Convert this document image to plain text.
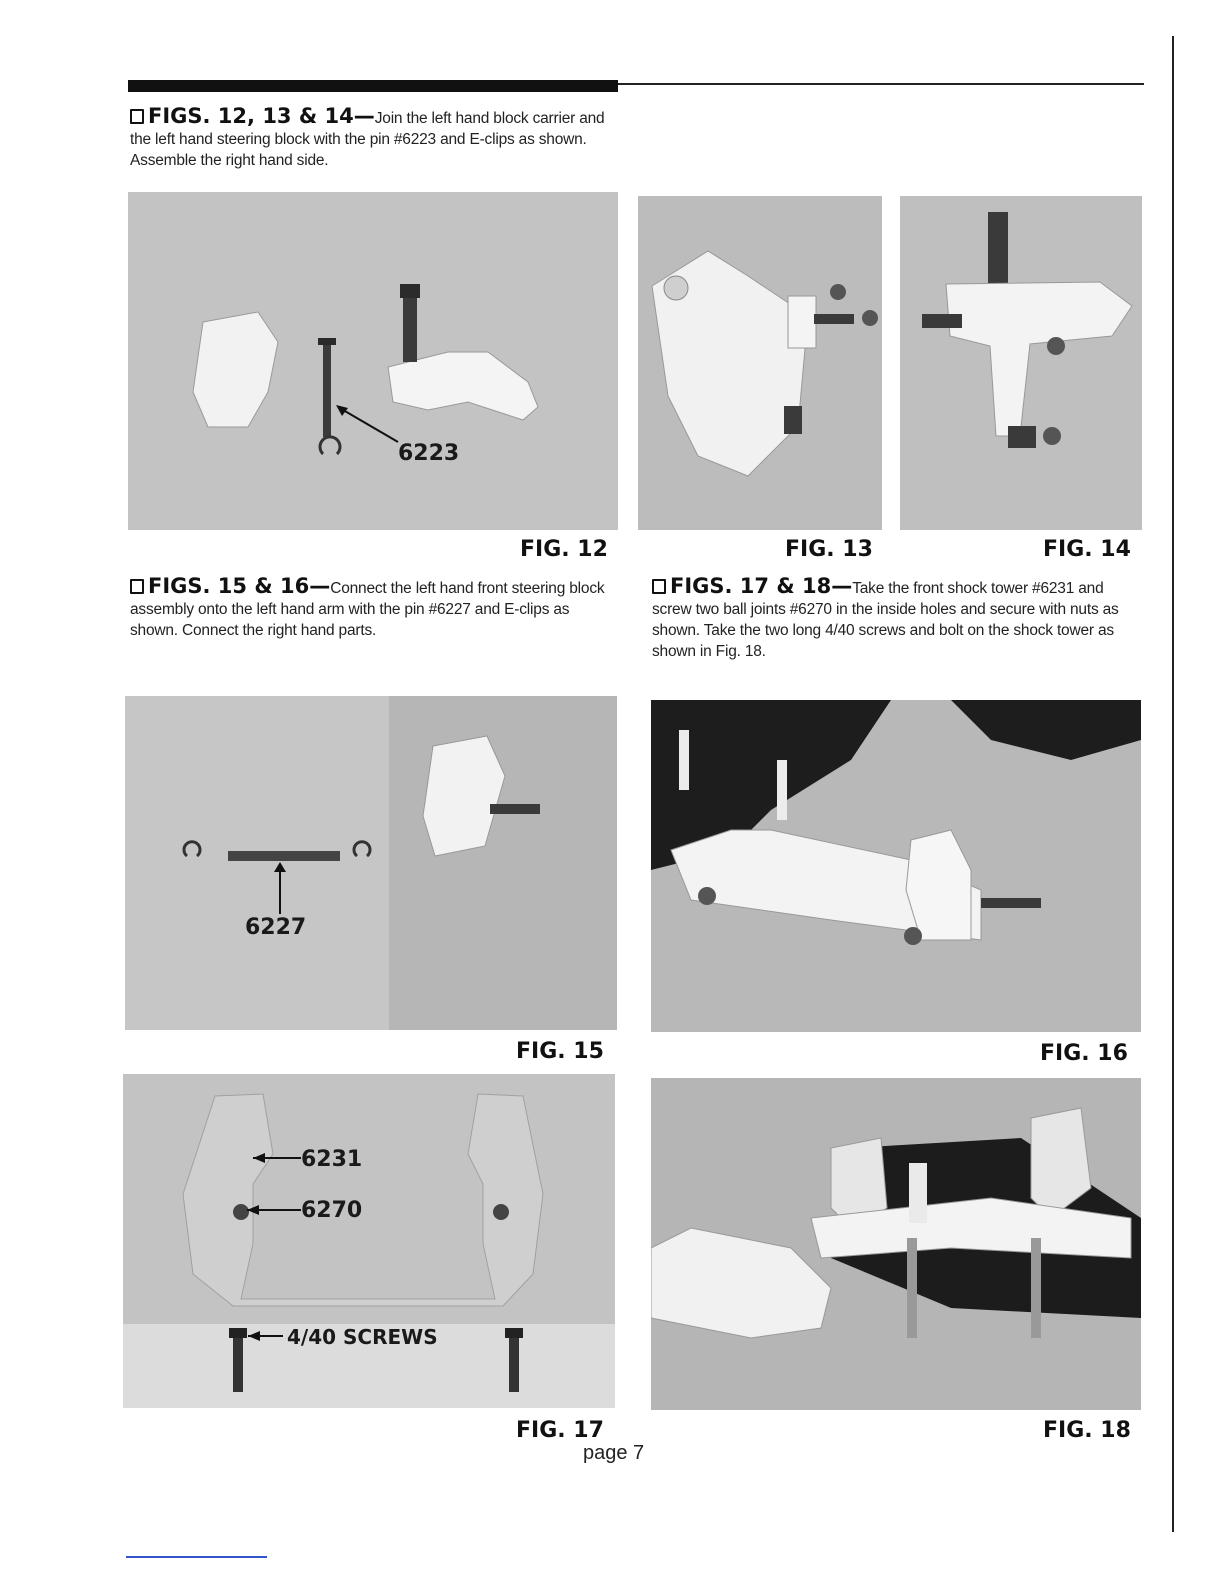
FIGS. 12, 13 & 14—Join the left hand block carrier and the left hand steering block with the pin #6223 and E-clips as shown. Assemble the right hand side.
6223
FIG. 12	FIG. 13	FIG. 14
FIGS. 15 & 16—Connect the left hand front steering block assembly onto the left hand arm with the pin #6227 and E-clips as shown. Connect the right hand parts.
FIGS. 17 & 18—Take the front shock tower #6231 and screw two ball joints #6270 in the inside holes and secure with nuts as shown. Take the two long 4/40 screws and bolt on the shock tower as shown in Fig. 18.
6227
FIG. 15	FIG. 16
6231
6270
4/40 SCREWS
FIG. 17	FIG. 18
page 7
